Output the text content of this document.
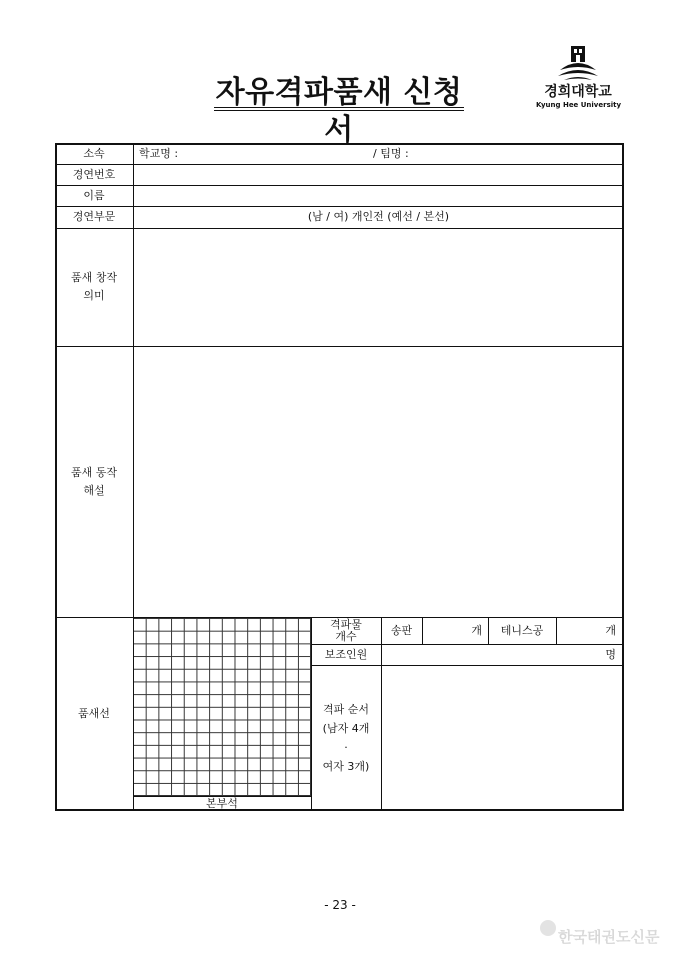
자유격파품새 신청서
경희대학교
Kyung Hee University
소속	학교명 :	/ 팀명 :
경연번호
이름
경연부문	(남 / 여) 개인전 (예선 / 본선)
품새 창작
의미
품새 동작
해설
품새선
본부석
격파물
개수	송판	개	테니스공	개
보조인원	명
격파 순서
(남자 4개
·
여자 3개)
- 23 -
한국태권도신문
